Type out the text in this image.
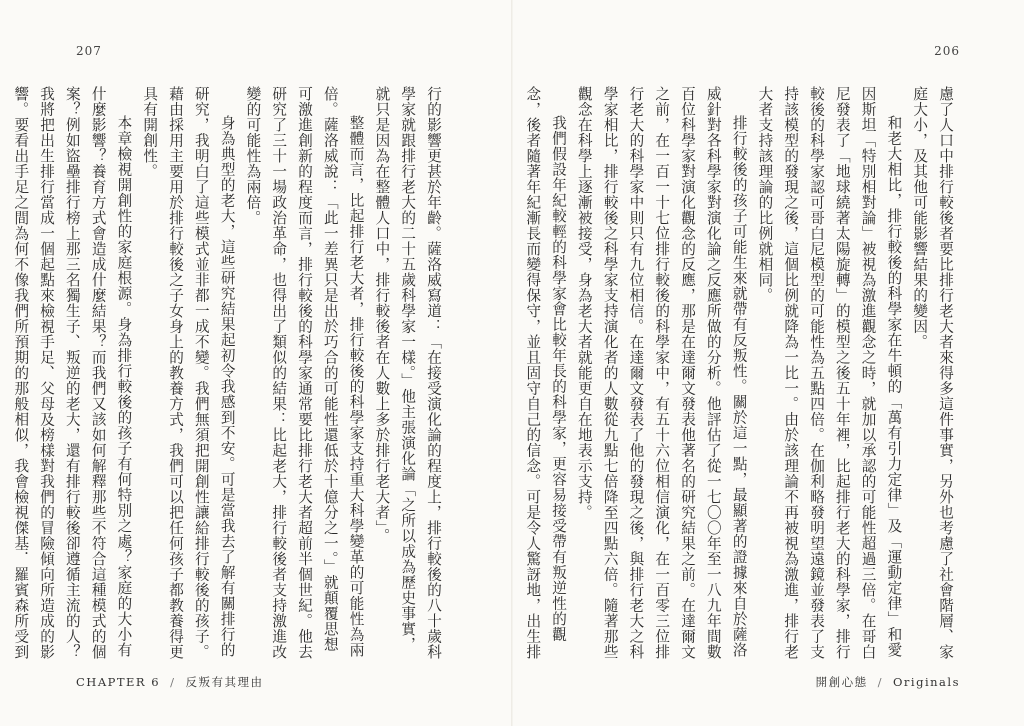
207

行的影響更甚於年齡。薩洛威寫道：「在接受演化論的程度上，排行較後的八十歲科學家就跟排行老大的二十五歲科學家一樣。」他主張演化論「之所以成為歷史事實，就只是因為在整體人口中，排行較後者在人數上多於排行老大者」。

整體而言，比起排行老大者，排行較後的科學家支持重大科學變革的可能性為兩倍。薩洛威說：「此一差異只是出於巧合的可能性還低於十億分之一。」就顛覆思想可激進創新的程度而言，排行較後的科學家通常要比排行老大者超前半個世紀。他去研究了三十一場政治革命，也得出了類似的結果：比起老大，排行較後者支持激進改變的可能性為兩倍。

身為典型的老大，這些研究結果起初令我感到不安。可是當我去了解有關排行的研究，我明白了這些模式並非都一成不變。我們無須把開創性讓給排行較後的孩子。藉由採用主要用於排行較後之子女身上的教養方式，我們可以把任何孩子都教養得更具有開創性。

本章檢視開創性的家庭根源。身為排行較後的孩子有何特別之處？家庭的大小有什麼影響？養育方式會造成什麼結果？而我們又該如何解釋那些不符合這種模式的個案？例如盜壘排行榜上那三名獨生子、叛逆的老大，還有排行較後卻遵循主流的人？我將把出生排行當成一個起點來檢視手足、父母及榜樣對我們的冒險傾向所造成的影響。要看出手足之間為何不像我們所預期的那般相似，我會檢視傑基．羅賓森所受到

CHAPTER 6 / 反叛有其理由
206

慮了人口中排行較後者要比排行老大者來得多這件事實，另外也考慮了社會階層、家庭大小，及其他可能影響結果的變因。

和老大相比，排行較後的科學家在牛頓的「萬有引力定律」及「運動定律」和愛因斯坦「特別相對論」被視為激進觀念之時，就加以承認的可能性超過三倍。在哥白尼發表了「地球繞著太陽旋轉」的模型之後五十年裡，比起排行老大的科學家，排行較後的科學家認可哥白尼模型的可能性為五點四倍。在伽利略發明望遠鏡並發表了支持該模型的發現之後，這個比例就降為一比一。由於該理論不再被視為激進，排行老大者支持該理論的比例就相同。

排行較後的孩子可能生來就帶有反叛性。關於這一點，最顯著的證據來自於薩洛威針對各科學家對演化論之反應所做的分析。他評估了從一七〇〇年至一八九年間數百位科學家對演化觀念的反應，那是在達爾文發表他著名的研究結果之前。在達爾文之前，在一百一十七位排行較後的科學家中，有五十六位相信演化，在一百零三位排行老大的科學家中則只有九位相信。在達爾文發表了他的發現之後，與排行老大之科學家相比，排行較後之科學家支持演化者的人數從九點七倍降至四點六倍。隨著那些觀念在科學上逐漸被接受，身為老大者就能更自在地表示支持。

我們假設年紀較輕的科學家會比較年長的科學家，更容易接受帶有叛逆性的觀念，後者隨著年紀漸長而變得保守，並且固守自己的信念。可是令人驚訝地，出生排

開創心態 / Originals
